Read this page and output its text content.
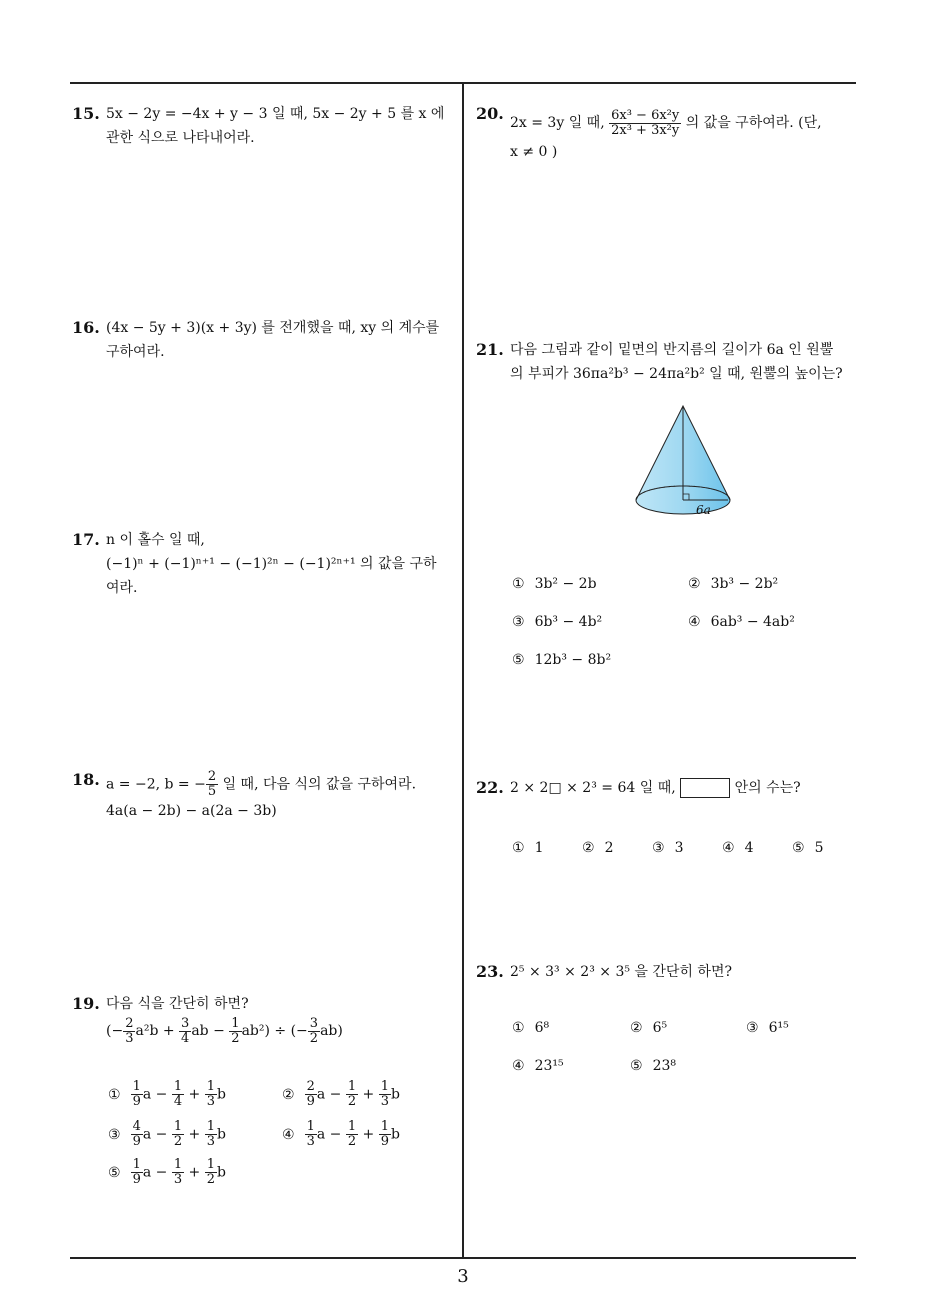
15. 5x − 2y = −4x + y − 3 일 때, 5x − 2y + 5 를 x 에
관한 식으로 나타내어라.
16. (4x − 5y + 3)(x + 3y) 를 전개했을 때, xy 의 계수를
구하여라.
17. n 이 홀수 일 때,
(−1)ⁿ + (−1)ⁿ⁺¹ − (−1)²ⁿ − (−1)²ⁿ⁺¹ 의 값을 구하
여라.
18. a = −2, b = − $\frac{2}{5}$ 일 때, 다음 식의 값을 구하여라.
4a(a − 2b) − a(2a − 3b)
19. 다음 식을 간단히 하면?
(− $\frac{2}{3} a^2b + \frac{3}{4}$ ab − $\frac{1}{2} ab^2$) ÷ (− $\frac{3}{2} ab$)
① $\frac{1}{9}$ $a - \frac{1}{4} + \frac{1}{3}$ b	② $\frac{2}{9}$ $a - \frac{1}{2} + \frac{1}{3}$ b
③ $\frac{4}{9}$ $a - \frac{1}{2} + \frac{1}{3}$ b	④ $\frac{1}{3}$ $a - \frac{1}{2} + \frac{1}{9}$ b
⑤ $\frac{1}{9}$ $a - \frac{1}{3} + \frac{1}{2}$ b
20. 2x = 3y 일 때, $\frac{\text{6x³ − 6x²y}}{\text{2x³ + 3x²y}}$ 의 값을 구하여라. (단,
x ≠ 0 )
21. 다음 그림과 같이 밑면의 반지름의 길이가 6a 인 원뿔
의 부피가 36πa²b³ − 24πa²b² 일 때, 원뿔의 높이는?
6a
① 3b² − 2b	② 3b³ − 2b²
③ 6b³ − 4b²	④ 6ab³ − 4ab²
⑤ 12b³ − 8b²
22. 2 × 2□ × 2³ = 64 일 때,	안의 수는?
① 1	② 2	③ 3	④ 4	⑤ 5
23. 2⁵ × 3³ × 2³ × 3⁵ 을 간단히 하면?
① 6⁸	② 6⁵	③ 6¹⁵
④ 23¹⁵	⑤ 23⁸
3
